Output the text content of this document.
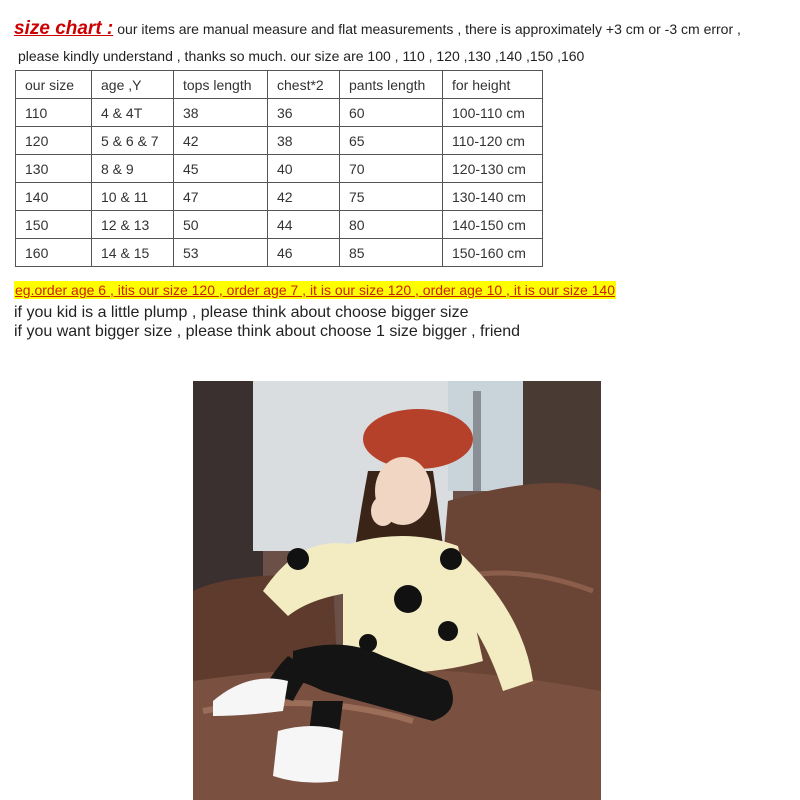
size chart : our items are manual measure and flat measurements , there is approximately +3 cm or -3 cm error ,
please kindly understand , thanks so much. our size are 100 , 110 , 120 ,130 ,140 ,150 ,160
our size	age ,Y	tops length	chest*2	pants length	for height
110	4 & 4T	38	36	60	100-110 cm
120	5 & 6 & 7	42	38	65	110-120 cm
130	8 & 9	45	40	70	120-130 cm
140	10 & 11	47	42	75	130-140 cm
150	12 & 13	50	44	80	140-150 cm
160	14 & 15	53	46	85	150-160 cm
eg.order age 6 , itis our size 120 , order age 7 , it is our size 120 , order age 10 , it is our size 140
if you kid is a little plump , please think about choose bigger size
if you want bigger size , please think about choose 1 size bigger , friend
